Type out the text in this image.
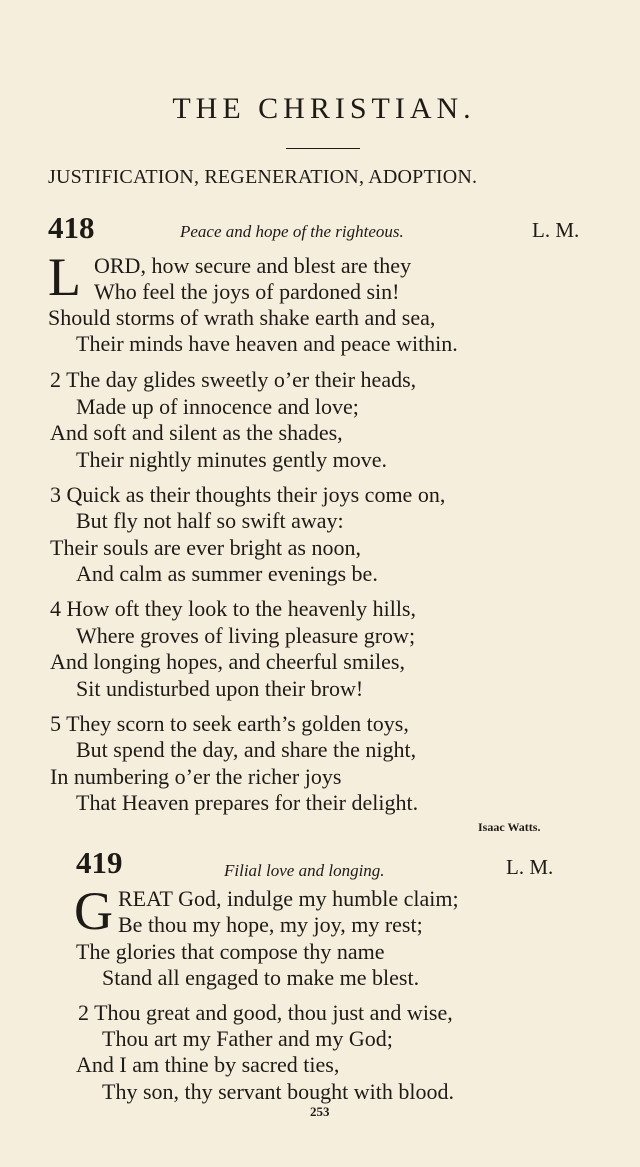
THE CHRISTIAN.
JUSTIFICATION, REGENERATION, ADOPTION.
418	Peace and hope of the righteous.	L. M.
L ORD, how secure and blest are they
Who feel the joys of pardoned sin!
Should storms of wrath shake earth and sea,
Their minds have heaven and peace within.
2 The day glides sweetly o’er their heads,
Made up of innocence and love;
And soft and silent as the shades,
Their nightly minutes gently move.
3 Quick as their thoughts their joys come on,
But fly not half so swift away:
Their souls are ever bright as noon,
And calm as summer evenings be.
4 How oft they look to the heavenly hills,
Where groves of living pleasure grow;
And longing hopes, and cheerful smiles,
Sit undisturbed upon their brow!
5 They scorn to seek earth’s golden toys,
But spend the day, and share the night,
In numbering o’er the richer joys
That Heaven prepares for their delight.
Isaac Watts.
419	Filial love and longing.	L. M.
G REAT God, indulge my humble claim;
Be thou my hope, my joy, my rest;
The glories that compose thy name
Stand all engaged to make me blest.
2 Thou great and good, thou just and wise,
Thou art my Father and my God;
And I am thine by sacred ties,
Thy son, thy servant bought with blood.
253
